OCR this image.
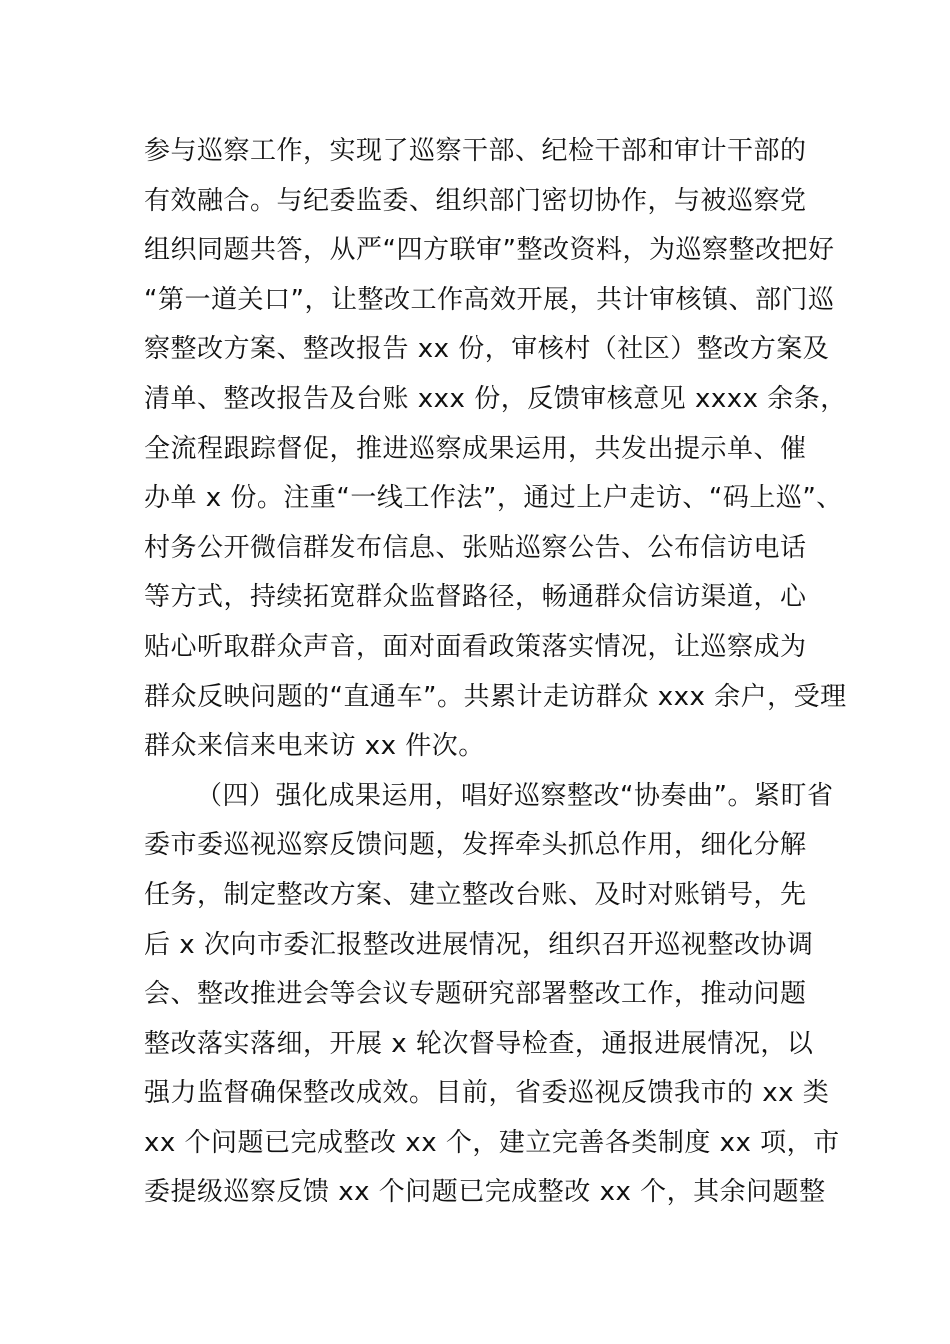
参与巡察工作，实现了巡察干部、纪检干部和审计干部的
有效融合。与纪委监委、组织部门密切协作，与被巡察党
组织同题共答，从严“四方联审”整改资料，为巡察整改把好
“第一道关口”，让整改工作高效开展，共计审核镇、部门巡
察整改方案、整改报告 xx 份，审核村（社区）整改方案及
清单、整改报告及台账 xxx 份，反馈审核意见 xxxx 余条，
全流程跟踪督促，推进巡察成果运用，共发出提示单、催
办单 x 份。注重“一线工作法”，通过上户走访、“码上巡”、
村务公开微信群发布信息、张贴巡察公告、公布信访电话
等方式，持续拓宽群众监督路径，畅通群众信访渠道，心
贴心听取群众声音，面对面看政策落实情况，让巡察成为
群众反映问题的“直通车”。共累计走访群众 xxx 余户，受理
群众来信来电来访 xx 件次。
（四）强化成果运用，唱好巡察整改“协奏曲”。紧盯省
委市委巡视巡察反馈问题，发挥牵头抓总作用，细化分解
任务，制定整改方案、建立整改台账、及时对账销号，先
后 x 次向市委汇报整改进展情况，组织召开巡视整改协调
会、整改推进会等会议专题研究部署整改工作，推动问题
整改落实落细，开展 x 轮次督导检查，通报进展情况，以
强力监督确保整改成效。目前，省委巡视反馈我市的 xx 类
xx 个问题已完成整改 xx 个，建立完善各类制度 xx 项，市
委提级巡察反馈 xx 个问题已完成整改 xx 个，其余问题整
